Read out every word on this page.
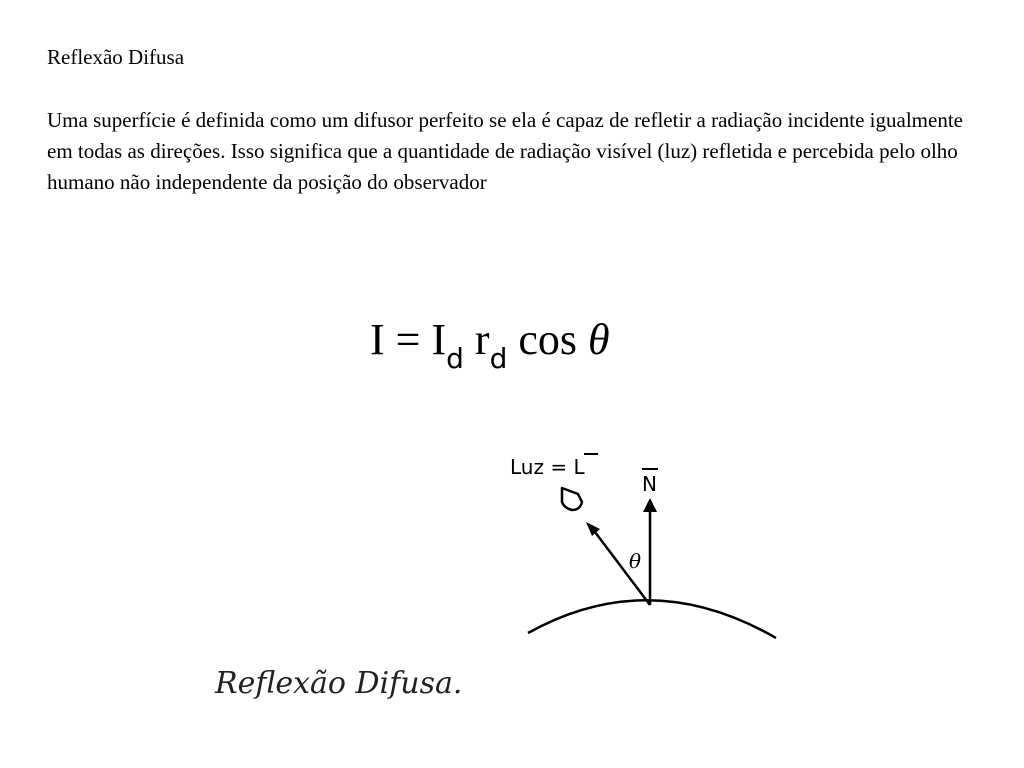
Reflexão Difusa
Uma superfície é definida como um difusor perfeito se ela é capaz de refletir a radiação incidente igualmente em todas as direções. Isso significa que a quantidade de radiação visível (luz) refletida e percebida pelo olho humano não independente da posição do observador
$I = I_d$ $r_d$ cos θ
Luz = L
N
θ
Reflexão Difusa.
